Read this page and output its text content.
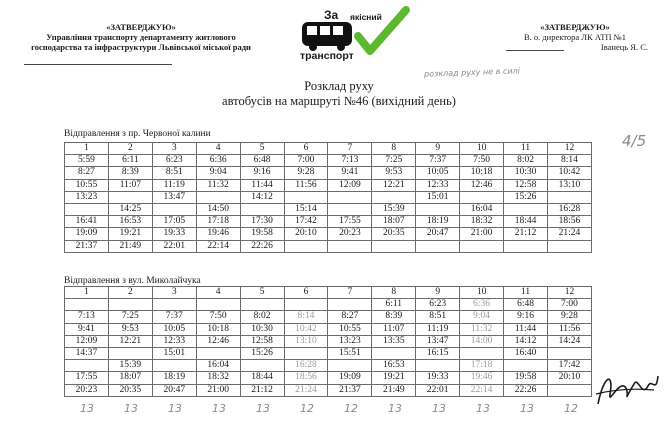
«ЗАТВЕРДЖУЮ»
Управління транспорту департаменту житлового
господарства та інфраструктури Львівської міської ради
За якісний
транспорт
«ЗАТВЕРДЖУЮ»
В. о. директора ЛК АТП №1
Іванець Я. С.
розклад руху не в силі
Розклад руху
автобусів на маршруті №46 (вихідний день)
4/5
Відправлення з пр. Червоної калини
1	2	3	4	5	6	7	8	9	10	11	12
5:59	6:11	6:23	6:36	6:48	7:00	7:13	7:25	7:37	7:50	8:02	8:14
8:27	8:39	8:51	9:04	9:16	9:28	9:41	9:53	10:05	10:18	10:30	10:42
10:55	11:07	11:19	11:32	11:44	11:56	12:09	12:21	12:33	12:46	12:58	13:10
13:23		13:47		14:12				15:01		15:26	
	14:25		14:50		15:14		15:39		16:04		16:28
16:41	16:53	17:05	17:18	17:30	17:42	17:55	18:07	18:19	18:32	18:44	18:56
19:09	19:21	19:33	19:46	19:58	20:10	20:23	20:35	20:47	21:00	21:12	21:24
21:37	21:49	22:01	22:14	22:26							
Відправлення з вул. Миколайчука
1	2	3	4	5	6	7	8	9	10	11	12
							6:11	6:23	6:36	6:48	7:00
7:13	7:25	7:37	7:50	8:02	8:14	8:27	8:39	8:51	9:04	9:16	9:28
9:41	9:53	10:05	10:18	10:30	10:42	10:55	11:07	11:19	11:32	11:44	11:56
12:09	12:21	12:33	12:46	12:58	13:10	13:23	13:35	13:47	14:00	14:12	14:24
14:37		15:01		15:26		15:51		16:15		16:40	
	15:39		16:04		16:28		16:53		17:18		17:42
17:55	18:07	18:19	18:32	18:44	18:56	19:09	19:21	19:33	19:46	19:58	20:10
20:23	20:35	20:47	21:00	21:12	21:24	21:37	21:49	22:01	22:14	22:26	
13	13	13	13	13	12	12	13	13	13	13	12
